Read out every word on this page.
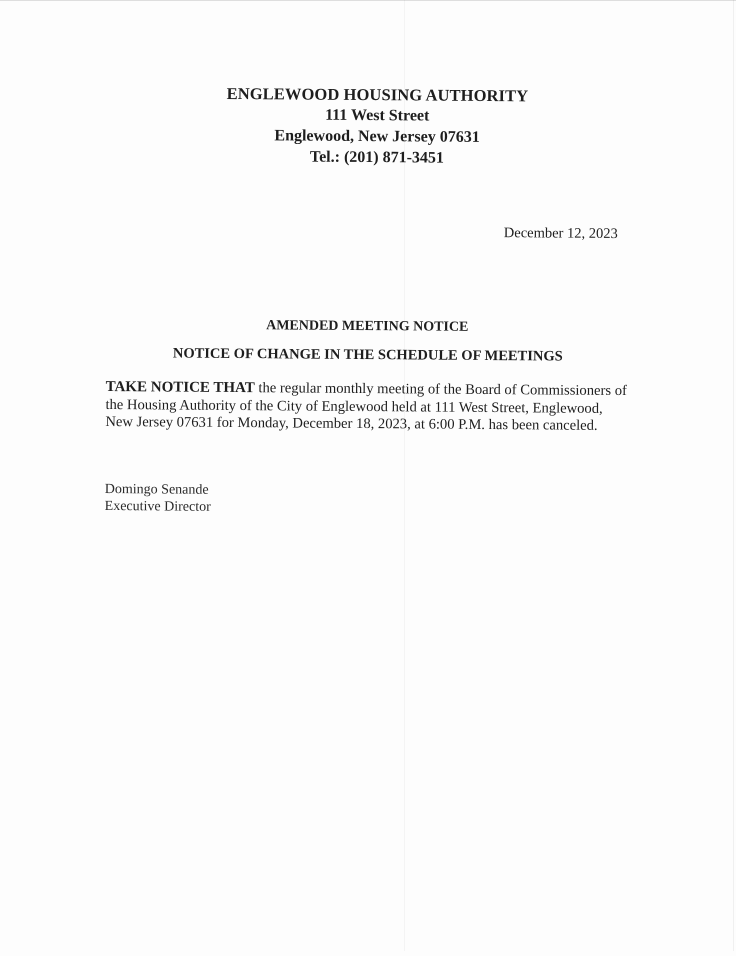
ENGLEWOOD HOUSING AUTHORITY
111 West Street
Englewood, New Jersey 07631
Tel.: (201) 871-3451
December 12, 2023
AMENDED MEETING NOTICE
NOTICE OF CHANGE IN THE SCHEDULE OF MEETINGS
TAKE NOTICE THAT the regular monthly meeting of the Board of Commissioners of
the Housing Authority of the City of Englewood held at 111 West Street, Englewood,
New Jersey 07631 for Monday, December 18, 2023, at 6:00 P.M. has been canceled.
Domingo Senande
Executive Director
